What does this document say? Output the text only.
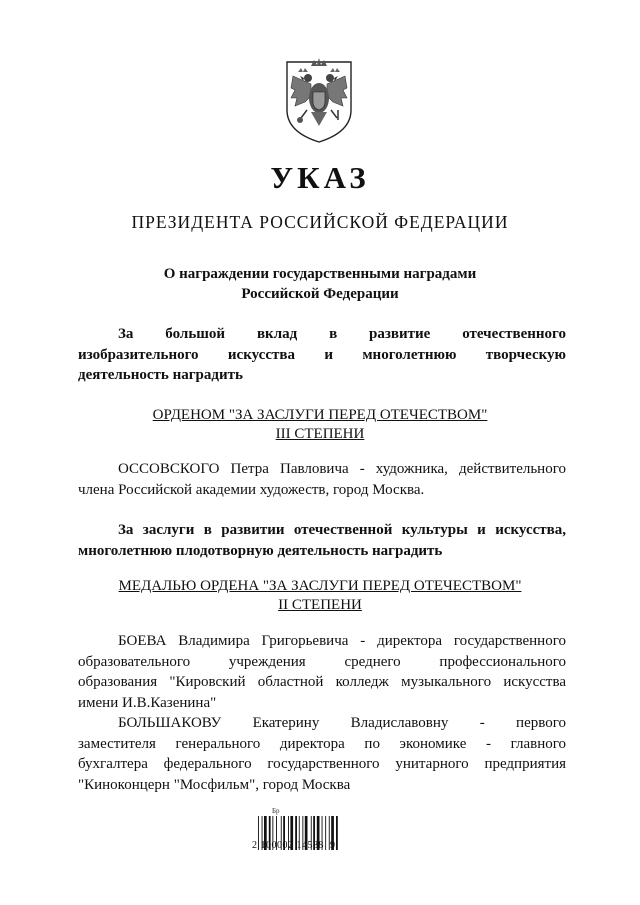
УКАЗ
ПРЕЗИДЕНТА РОССИЙСКОЙ ФЕДЕРАЦИИ
О награждении государственными наградами
Российской Федерации
За большой вклад в развитие отечественного
изобразительного искусства и многолетнюю творческую
деятельность наградить
ОРДЕНОМ "ЗА ЗАСЛУГИ ПЕРЕД ОТЕЧЕСТВОМ"
III СТЕПЕНИ
ОССОВСКОГО Петра Павловича - художника, действительного
члена Российской академии художеств, город Москва.
За заслуги в развитии отечественной культуры и искусства,
многолетнюю плодотворную деятельность наградить
МЕДАЛЬЮ ОРДЕНА "ЗА ЗАСЛУГИ ПЕРЕД ОТЕЧЕСТВОМ"
II СТЕПЕНИ
БОЕВА Владимира Григорьевича - директора государственного
образовательного учреждения среднего профессионального
образования "Кировский областной колледж музыкального искусства
имени И.В.Казенина"
БОЛЬШАКОВУ Екатерину Владиславовну - первого
заместителя генерального директора по экономике - главного
бухгалтера федерального государственного унитарного предприятия
"Киноконцерн "Мосфильм", город Москва
Бр
2 100002 14588  9
